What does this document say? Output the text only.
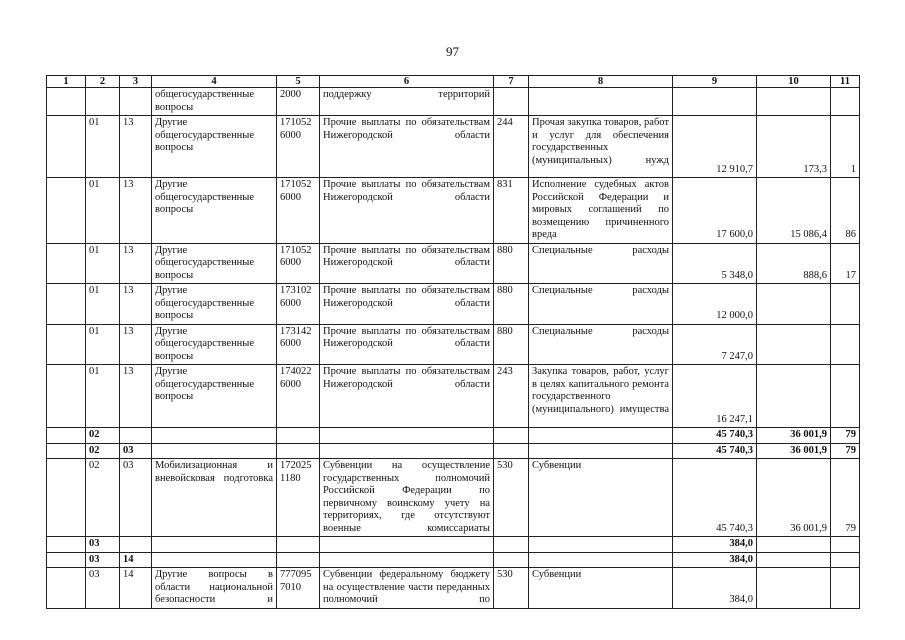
97
1	2	3	4	5	6	7	8	9	10	11
			общегосударственные вопросы	2000	поддержку территорий					
	01	13	Другие общегосударственные вопросы	171052 6000	Прочие выплаты по обязательствам Нижегородской области	244	Прочая закупка товаров, работ и услуг для обеспечения государственных (муниципальных) нужд	12 910,7	173,3	1
	01	13	Другие общегосударственные вопросы	171052 6000	Прочие выплаты по обязательствам Нижегородской области	831	Исполнение судебных актов Российской Федерации и мировых соглашений по возмещению причиненного вреда	17 600,0	15 086,4	86
	01	13	Другие общегосударственные вопросы	171052 6000	Прочие выплаты по обязательствам Нижегородской области	880	Специальные расходы	5 348,0	888,6	17
	01	13	Другие общегосударственные вопросы	173102 6000	Прочие выплаты по обязательствам Нижегородской области	880	Специальные расходы	12 000,0		
	01	13	Другие общегосударственные вопросы	173142 6000	Прочие выплаты по обязательствам Нижегородской области	880	Специальные расходы	7 247,0		
	01	13	Другие общегосударственные вопросы	174022 6000	Прочие выплаты по обязательствам Нижегородской области	243	Закупка товаров, работ, услуг в целях капитального ремонта государственного (муниципального) имущества	16 247,1		
	02							45 740,3	36 001,9	79
	02	03						45 740,3	36 001,9	79
	02	03	Мобилизационная и вневойсковая подготовка	172025 1180	Субвенции на осуществление государственных полномочий Российской Федерации по первичному воинскому учету на территориях, где отсутствуют военные комиссариаты	530	Субвенции	45 740,3	36 001,9	79
	03							384,0		
	03	14						384,0		
	03	14	Другие вопросы в области национальной безопасности и	777095 7010	Субвенции федеральному бюджету на осуществление части переданных полномочий по	530	Субвенции	384,0		
